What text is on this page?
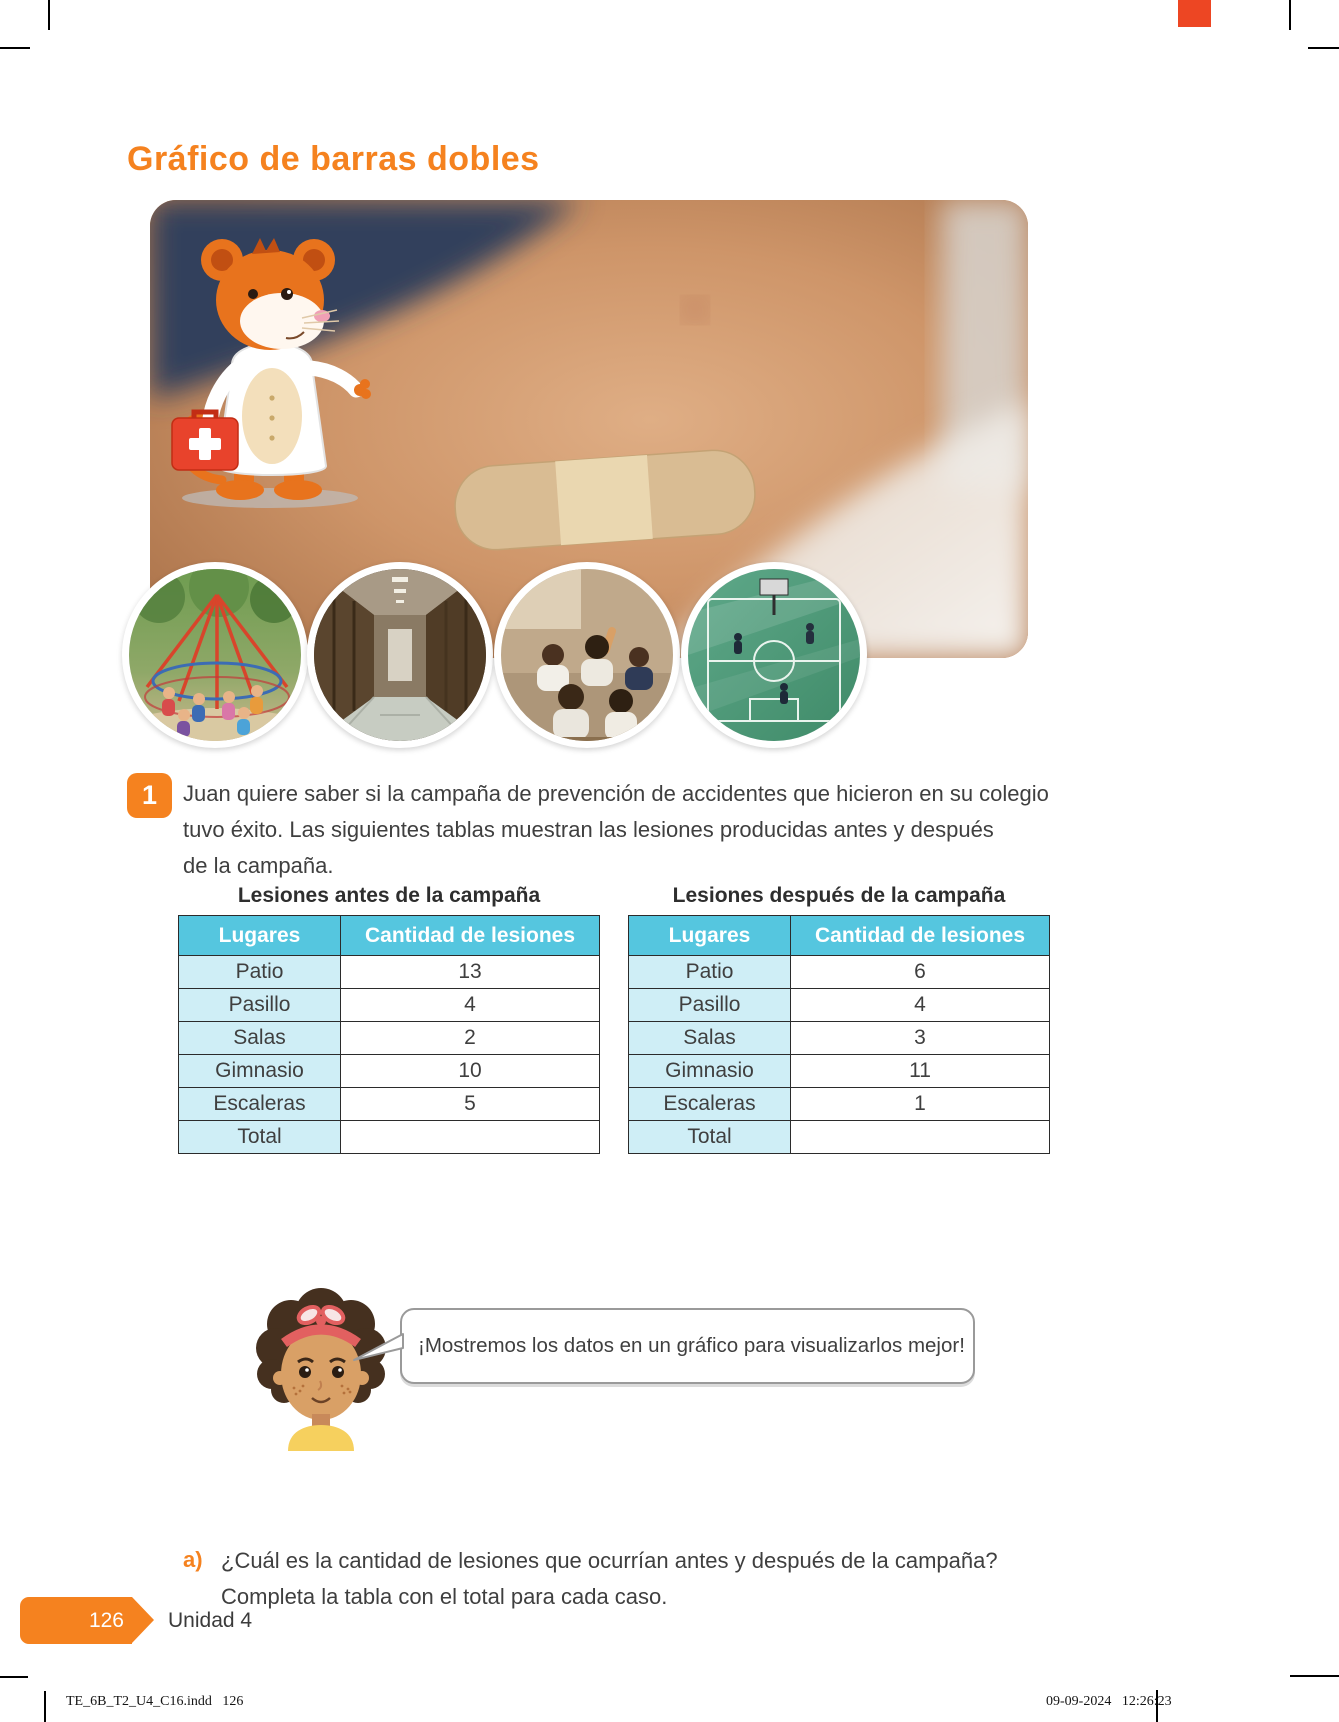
Gráfico de barras dobles
1	Juan quiere saber si la campaña de prevención de accidentes que hicieron en su colegio
tuvo éxito. Las siguientes tablas muestran las lesiones producidas antes y después
de la campaña.
Lesiones antes de la campaña	Lesiones después de la campaña
Lugares	Cantidad de lesiones
Patio	13
Pasillo	4
Salas	2
Gimnasio	10
Escaleras	5
Total
Lugares	Cantidad de lesiones
Patio	6
Pasillo	4
Salas	3
Gimnasio	11
Escaleras	1
Total
¡Mostremos los datos en un gráfico para visualizarlos mejor!
a) ¿Cuál es la cantidad de lesiones que ocurrían antes y después de la campaña?
Completa la tabla con el total para cada caso.
126	Unidad 4
TE_6B_T2_U4_C16.indd   126	09-09-2024   12:26:23
